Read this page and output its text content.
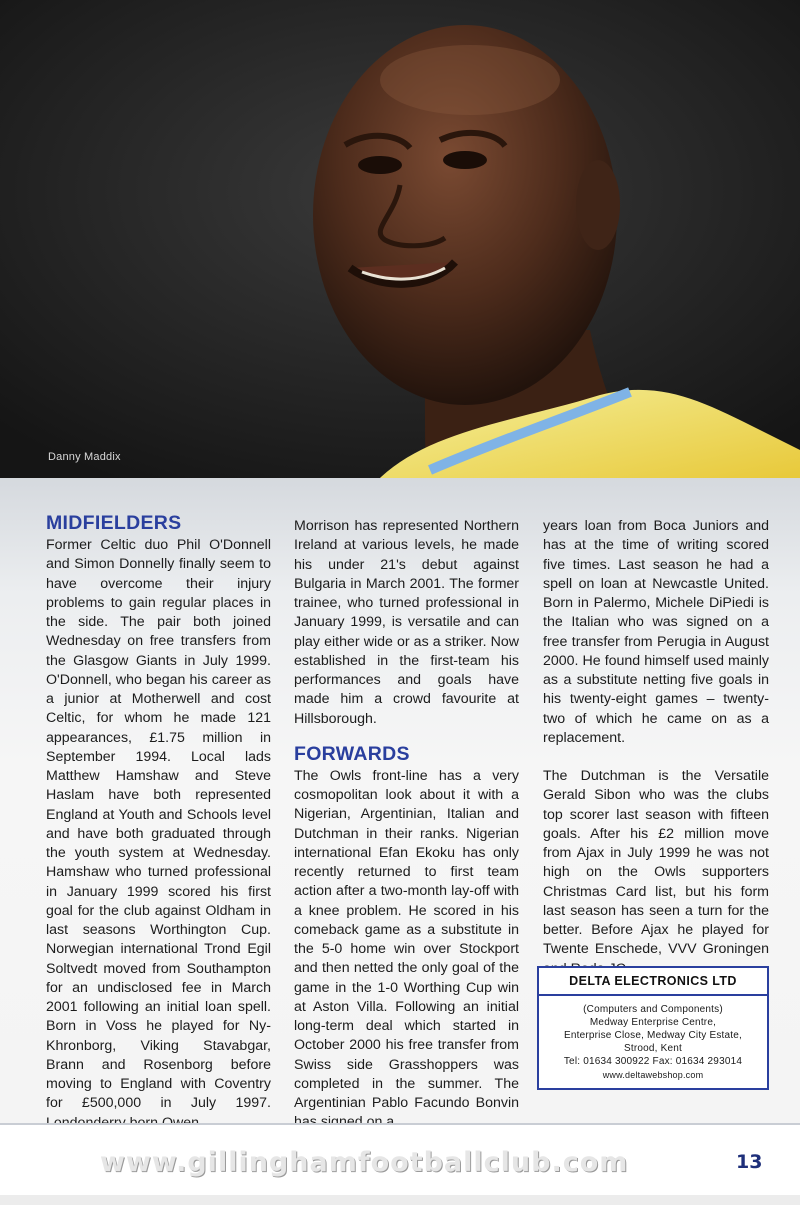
Danny Maddix
MIDFIELDERS

Former Celtic duo Phil O'Donnell and Simon Donnelly finally seem to have overcome their injury problems to gain regular places in the side. The pair both joined Wednesday on free transfers from the Glasgow Giants in July 1999. O'Donnell, who began his career as a junior at Motherwell and cost Celtic, for whom he made 121 appearances, £1.75 million in September 1994. Local lads Matthew Hamshaw and Steve Haslam have both represented England at Youth and Schools level and have both graduated through the youth system at Wednesday. Hamshaw who turned professional in January 1999 scored his first goal for the club against Oldham in last seasons Worthington Cup. Norwegian international Trond Egil Soltvedt moved from Southampton for an undisclosed fee in March 2001 following an initial loan spell. Born in Voss he played for Ny-Khronborg, Viking Stavabgar, Brann and Rosenborg before moving to England with Coventry for £500,000 in July 1997.

Morrison has represented Northern Ireland at various levels, he made his under 21's debut against Bulgaria in March 2001. The former trainee, who turned professional in January 1999, is versatile and can play either wide or as a striker. Now established in the first-team his performances and goals have made him a crowd favourite at Hillsborough.

FORWARDS

The Owls front-line has a very cosmopolitan look about it with a Nigerian, Argentinian, Italian and Dutchman in their ranks. Nigerian international Efan Ekoku has only recently returned to first team action after a two-month lay-off with a knee problem. He scored in his comeback game as a substitute in the 5-0 home win over Stockport and then netted the only goal of the game in the 1-0 Worthing Cup win at Aston Villa. Following an initial long-term deal which started in October 2000 his free transfer from Swiss side Grasshoppers was completed in the summer. The Argentinian Pablo Facundo Bonvin

years loan from Boca Juniors and has at the time of writing scored five times. Last season he had a spell on loan at Newcastle United. Born in Palermo, Michele DiPiedi is the Italian who was signed on a free transfer from Perugia in August 2000. He found himself used mainly as a substitute netting five goals in his twenty-eight games – twenty-two of which he came on as a replacement.

The Dutchman is the Versatile Gerald Sibon who was the clubs top scorer last season with fifteen goals. After his £2 million move from Ajax in July 1999 he was not high on the Owls supporters Christmas Card list, but his form last season has seen a turn for the better. Before Ajax he played for Twente Enschede, VVV Groningen

DELTA ELECTRONICS LTD
(Computers and Components)
Medway Enterprise Centre,
Enterprise Close, Medway City Estate,
Strood, Kent
Tel: 01634 300922 Fax: 01634 293014
www.deltawebshop.com
www.gillinghamfootballclub.com	13
